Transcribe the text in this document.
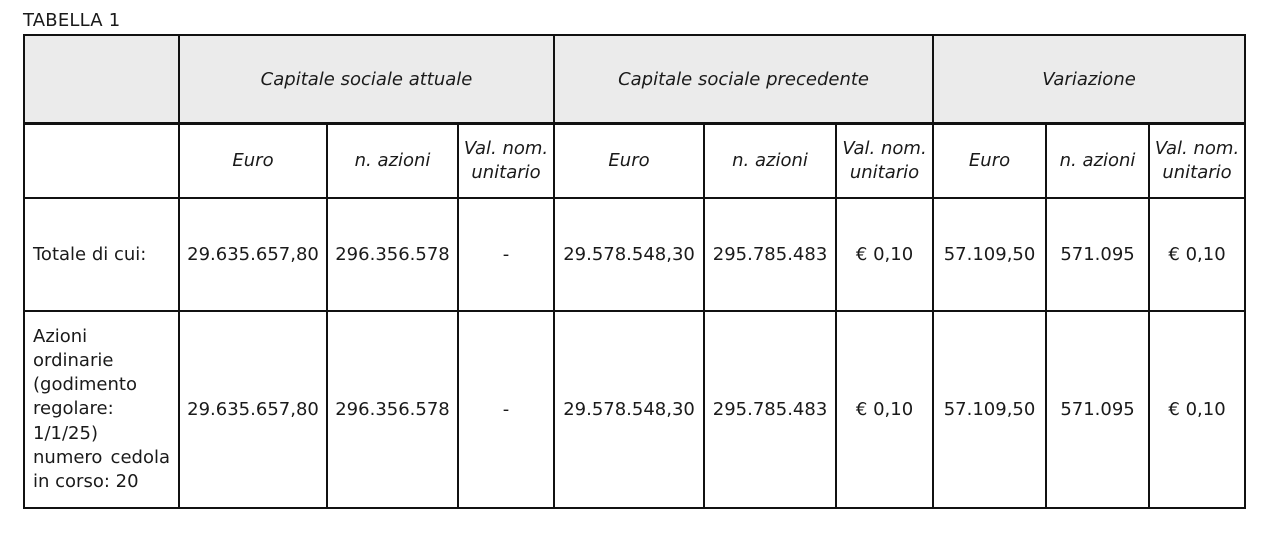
TABELLA 1
	Capitale sociale attuale			Capitale sociale precedente			Variazione		
	Euro	n. azioni	Val. nom. unitario	Euro	n. azioni	Val. nom. unitario	Euro	n. azioni	Val. nom. unitario
Totale di cui:	29.635.657,80	296.356.578	-	29.578.548,30	295.785.483	€ 0,10	57.109,50	571.095	€ 0,10
Azioni ordinarie (godimento regolare: 1/1/25) numero cedola in corso: 20	29.635.657,80	296.356.578	-	29.578.548,30	295.785.483	€ 0,10	57.109,50	571.095	€ 0,10
